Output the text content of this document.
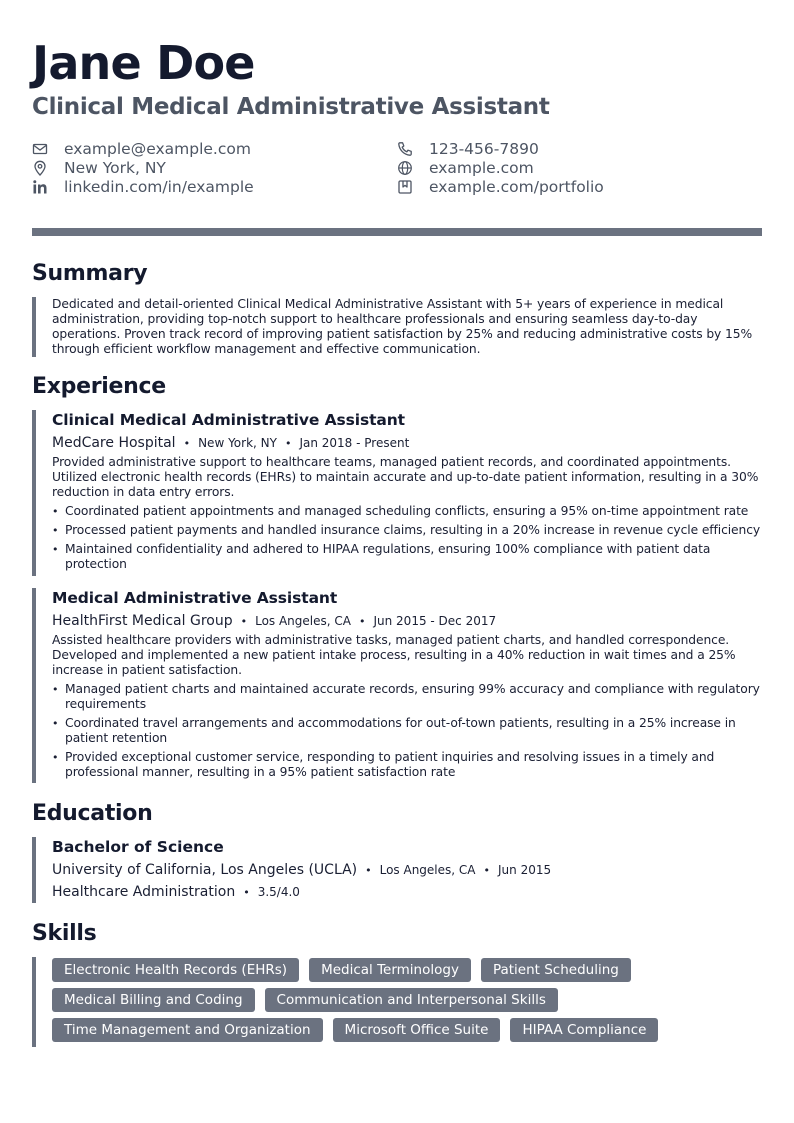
Jane Doe
Clinical Medical Administrative Assistant
example@example.com	123-456-7890
New York, NY	example.com
linkedin.com/in/example	example.com/portfolio
Summary

Dedicated and detail-oriented Clinical Medical Administrative Assistant with 5+ years of experience in medical administration, providing top-notch support to healthcare professionals and ensuring seamless day-to-day operations. Proven track record of improving patient satisfaction by 25% and reducing administrative costs by 15% through efficient workflow management and effective communication.

Experience
Clinical Medical Administrative Assistant
MedCare Hospital • New York, NY • Jan 2018 - Present

Provided administrative support to healthcare teams, managed patient records, and coordinated appointments. Utilized electronic health records (EHRs) to maintain accurate and up-to-date patient information, resulting in a 30% reduction in data entry errors.

• Coordinated patient appointments and managed scheduling conflicts, ensuring a 95% on-time appointment rate
• Processed patient payments and handled insurance claims, resulting in a 20% increase in revenue cycle efficiency
• Maintained confidentiality and adhered to HIPAA regulations, ensuring 100% compliance with patient data protection
Medical Administrative Assistant
HealthFirst Medical Group • Los Angeles, CA • Jun 2015 - Dec 2017

Assisted healthcare providers with administrative tasks, managed patient charts, and handled correspondence. Developed and implemented a new patient intake process, resulting in a 40% reduction in wait times and a 25% increase in patient satisfaction.

• Managed patient charts and maintained accurate records, ensuring 99% accuracy and compliance with regulatory requirements
• Coordinated travel arrangements and accommodations for out-of-town patients, resulting in a 25% increase in patient retention
• Provided exceptional customer service, responding to patient inquiries and resolving issues in a timely and professional manner, resulting in a 95% patient satisfaction rate
Education
Bachelor of Science
University of California, Los Angeles (UCLA) • Los Angeles, CA • Jun 2015
Healthcare Administration • 3.5/4.0
Skills
Electronic Health Records (EHRs)	Medical Terminology	Patient Scheduling
Medical Billing and Coding	Communication and Interpersonal Skills
Time Management and Organization	Microsoft Office Suite	HIPAA Compliance
